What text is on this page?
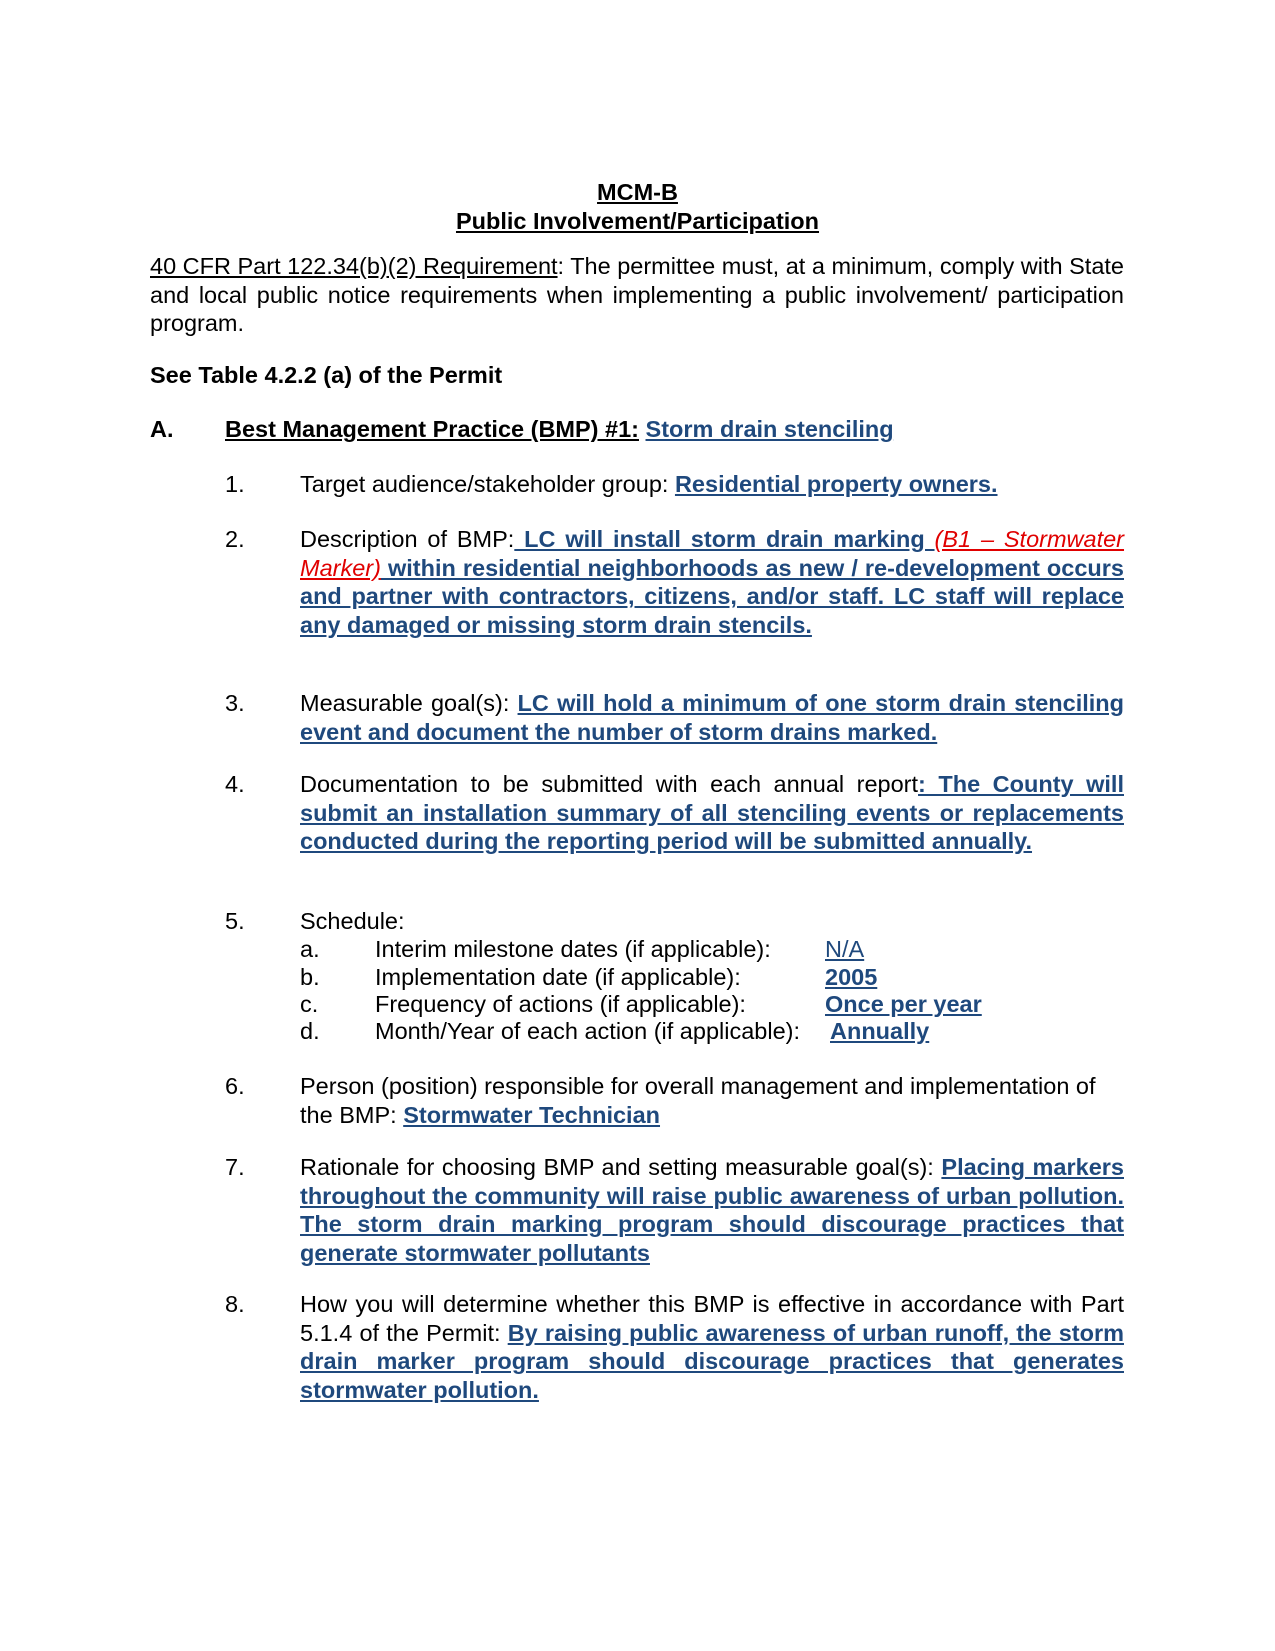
MCM-B
Public Involvement/Participation
40 CFR Part 122.34(b)(2) Requirement: The permittee must, at a minimum, comply with State and local public notice requirements when implementing a public involvement/ participation program.
See Table 4.2.2 (a) of the Permit
A. Best Management Practice (BMP) #1: Storm drain stenciling
1. Target audience/stakeholder group: Residential property owners.
2. Description of BMP: LC will install storm drain marking (B1 – Stormwater Marker) within residential neighborhoods as new / re-development occurs and partner with contractors, citizens, and/or staff. LC staff will replace any damaged or missing storm drain stencils.
3. Measurable goal(s): LC will hold a minimum of one storm drain stenciling event and document the number of storm drains marked.
4. Documentation to be submitted with each annual report: The County will submit an installation summary of all stenciling events or replacements conducted during the reporting period will be submitted annually.
5. Schedule:
a. Interim milestone dates (if applicable): N/A
b. Implementation date (if applicable):	2005
c. Frequency of actions (if applicable):	Once per year
d. Month/Year of each action (if applicable): Annually
6. Person (position) responsible for overall management and implementation of the BMP: Stormwater Technician
7. Rationale for choosing BMP and setting measurable goal(s): Placing markers throughout the community will raise public awareness of urban pollution. The storm drain marking program should discourage practices that generate stormwater pollutants
8. How you will determine whether this BMP is effective in accordance with Part 5.1.4 of the Permit: By raising public awareness of urban runoff, the storm drain marker program should discourage practices that generates stormwater pollution.
